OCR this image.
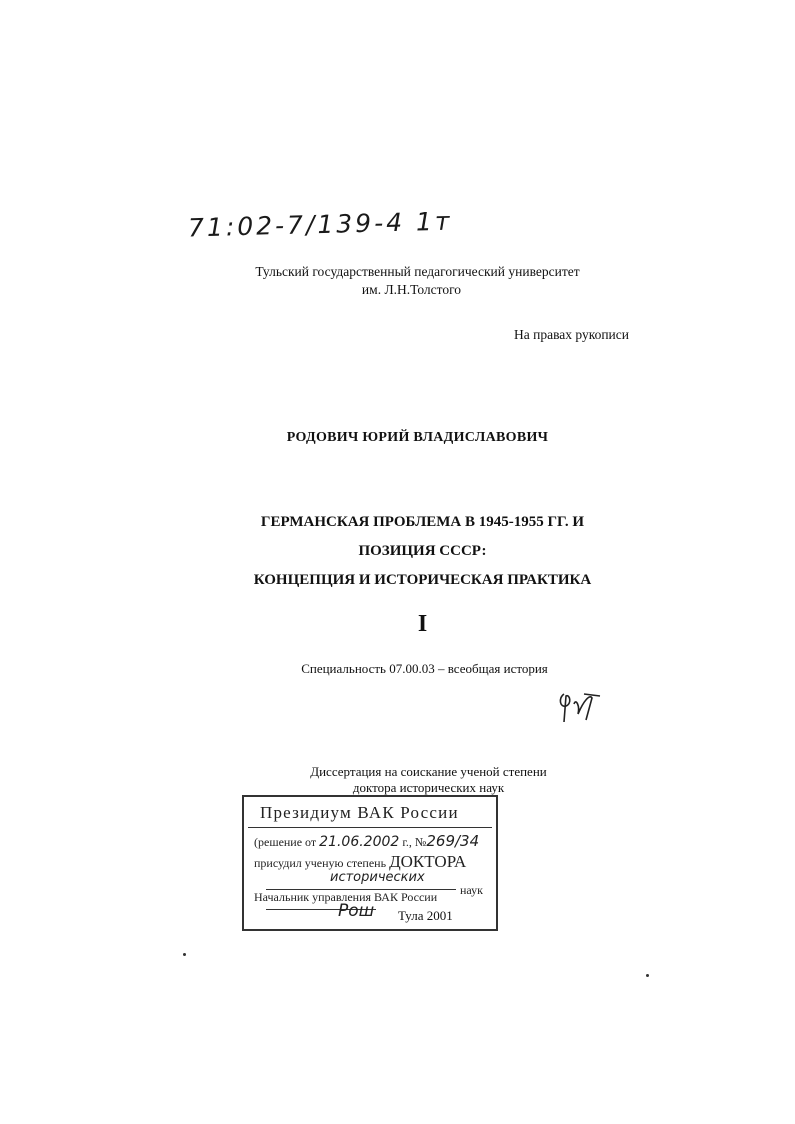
71:02-7/139-4 1т
Тульский государственный педагогический университет
им. Л.Н.Толстого
На правах рукописи
РОДОВИЧ ЮРИЙ ВЛАДИСЛАВОВИЧ
ГЕРМАНСКАЯ ПРОБЛЕМА В 1945-1955 ГГ. И
ПОЗИЦИЯ СССР:
КОНЦЕПЦИЯ И ИСТОРИЧЕСКАЯ ПРАКТИКА
I
Специальность 07.00.03 – всеобщая история
Диссертация на соискание ученой степени
доктора исторических наук
Президиум ВАК России
(решение от 21.06.2002 г., №269/34
присудил ученую степень ДОКТОРА
исторических
наук
Начальник управления ВАК России
Рош Тула 2001
